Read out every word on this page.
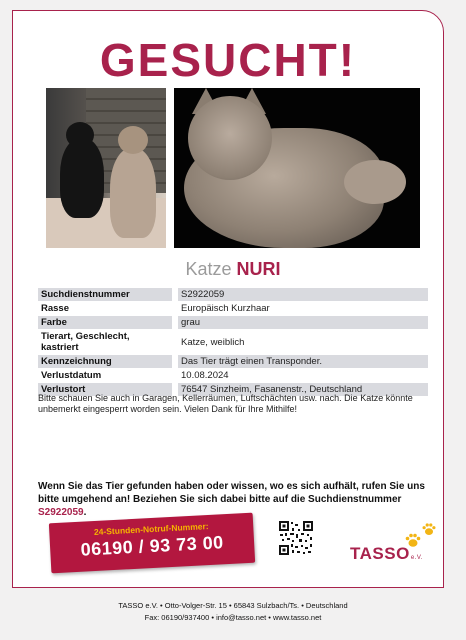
GESUCHT!
Katze NURI
Suchdienstnummer	S2922059
Rasse	Europäisch Kurzhaar
Farbe	grau
Tierart, Geschlecht, kastriert	Katze, weiblich
Kennzeichnung	Das Tier trägt einen Transponder.
Verlustdatum	10.08.2024
Verlustort	76547 Sinzheim, Fasanenstr., Deutschland
Bitte schauen Sie auch in Garagen, Kellerräumen, Luftschächten usw. nach. Die Katze könnte unbemerkt eingesperrt worden sein. Vielen Dank für Ihre Mithilfe!
Wenn Sie das Tier gefunden haben oder wissen, wo es sich aufhält, rufen Sie uns bitte umgehend an! Beziehen Sie sich dabei bitte auf die Suchdienstnummer S2922059.
24-Stunden-Notruf-Nummer:
06190 / 93 73 00	TASSOe.V.
TASSO e.V. • Otto-Volger-Str. 15 • 65843 Sulzbach/Ts. • Deutschland
Fax: 06190/937400 • info@tasso.net • www.tasso.net
